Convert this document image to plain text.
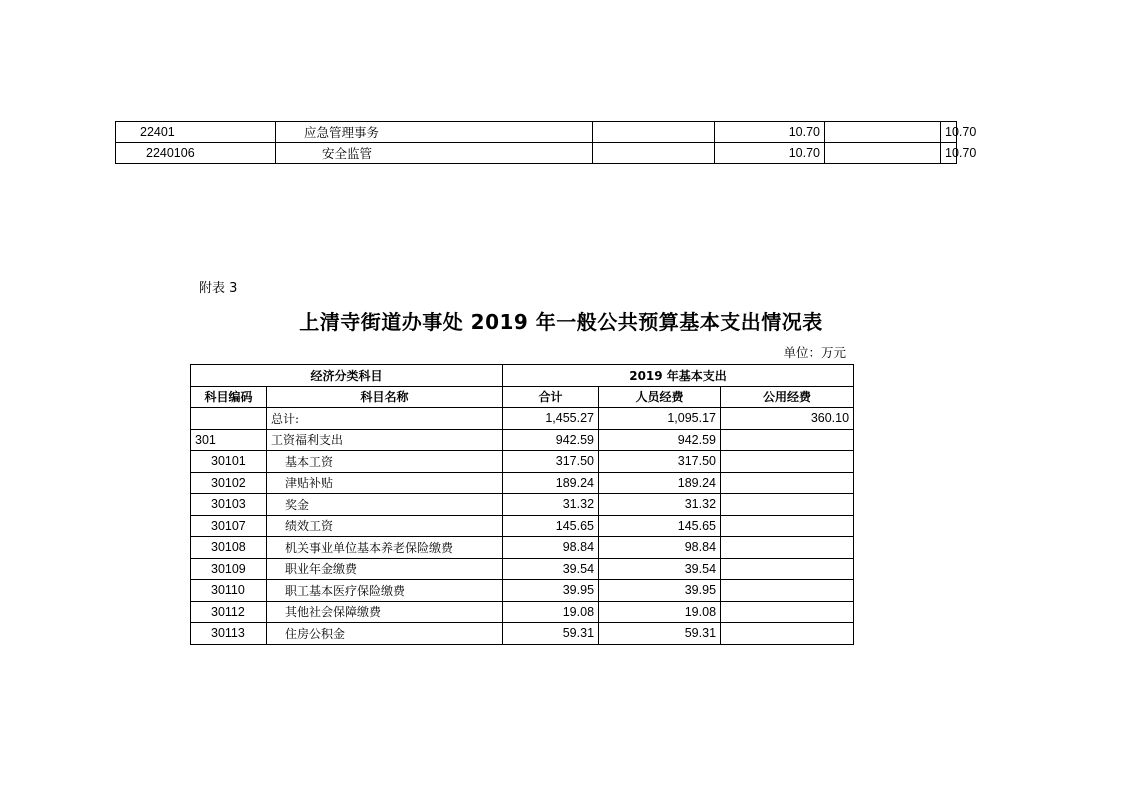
22401	应急管理事务		10.70		10.70
2240106	安全监管		10.70		10.70
附表 3
上清寺街道办事处 2019 年一般公共预算基本支出情况表
单位：万元
经济分类科目		2019 年基本支出		
科目编码	科目名称	合计	人员经费	公用经费
	总计:	1,455.27	1,095.17	360.10
301	工资福利支出	942.59	942.59	
30101	基本工资	317.50	317.50	
30102	津贴补贴	189.24	189.24	
30103	奖金	31.32	31.32	
30107	绩效工资	145.65	145.65	
30108	机关事业单位基本养老保险缴费	98.84	98.84	
30109	职业年金缴费	39.54	39.54	
30110	职工基本医疗保险缴费	39.95	39.95	
30112	其他社会保障缴费	19.08	19.08	
30113	住房公积金	59.31	59.31	
